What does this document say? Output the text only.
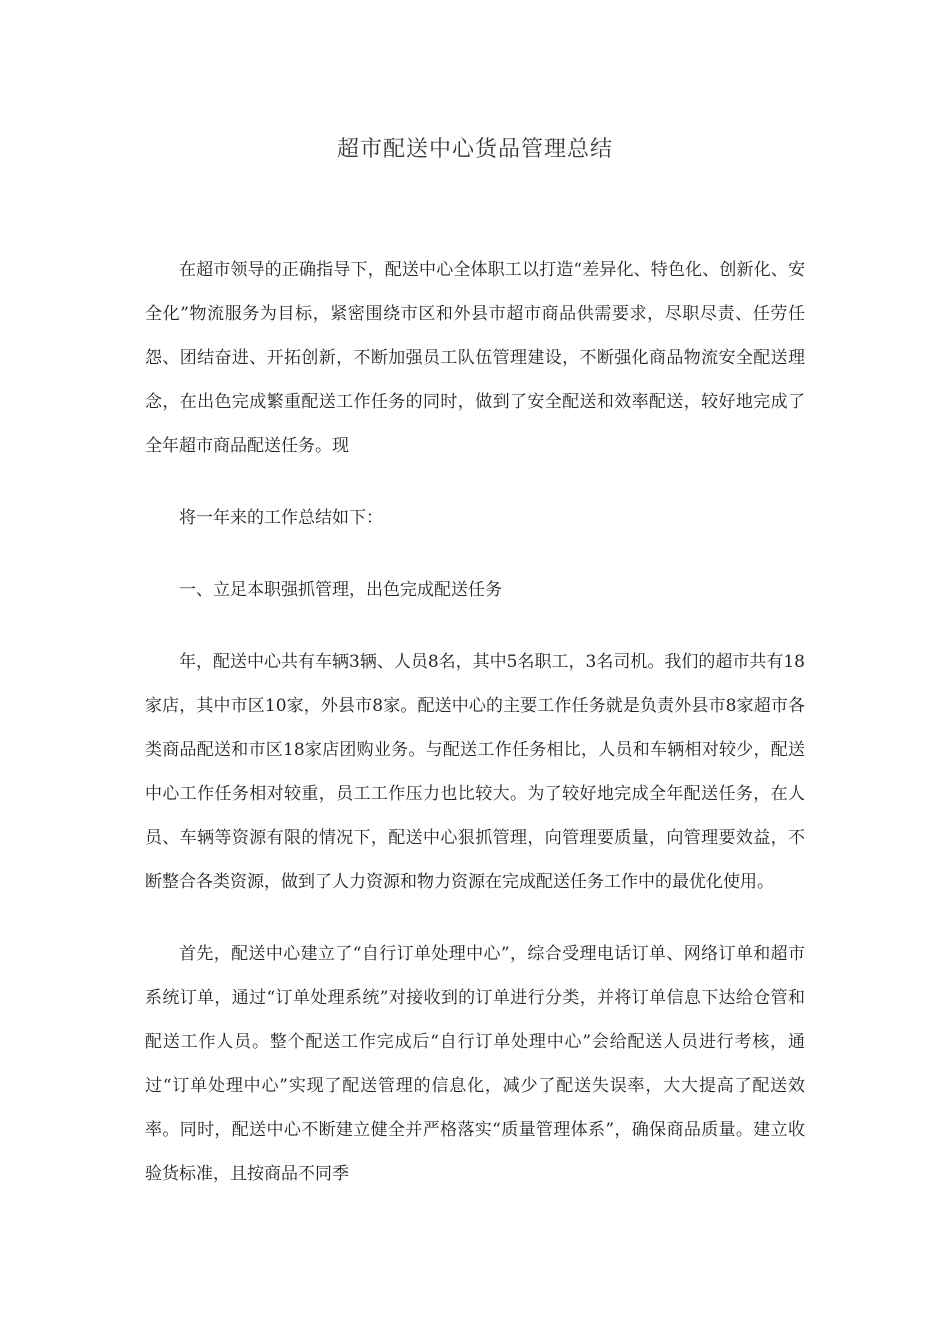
超市配送中心货品管理总结

在超市领导的正确指导下，配送中心全体职工以打造“差异化、特色化、创新化、安全化”物流服务为目标，紧密围绕市区和外县市超市商品供需要求，尽职尽责、任劳任怨、团结奋进、开拓创新，不断加强员工队伍管理建设，不断强化商品物流安全配送理念，在出色完成繁重配送工作任务的同时，做到了安全配送和效率配送，较好地完成了全年超市商品配送任务。现

将一年来的工作总结如下：

一、立足本职强抓管理，出色完成配送任务

年，配送中心共有车辆3辆、人员8名，其中5名职工，3名司机。我们的超市共有18家店，其中市区10家，外县市8家。配送中心的主要工作任务就是负责外县市8家超市各类商品配送和市区18家店团购业务。与配送工作任务相比，人员和车辆相对较少，配送中心工作任务相对较重，员工工作压力也比较大。为了较好地完成全年配送任务，在人员、车辆等资源有限的情况下，配送中心狠抓管理，向管理要质量，向管理要效益，不断整合各类资源，做到了人力资源和物力资源在完成配送任务工作中的最优化使用。

首先，配送中心建立了“自行订单处理中心”，综合受理电话订单、网络订单和超市系统订单，通过“订单处理系统”对接收到的订单进行分类，并将订单信息下达给仓管和配送工作人员。整个配送工作完成后“自行订单处理中心”会给配送人员进行考核，通过“订单处理中心”实现了配送管理的信息化，减少了配送失误率，大大提高了配送效率。同时，配送中心不断建立健全并严格落实“质量管理体系”，确保商品质量。建立收验货标准，且按商品不同季
